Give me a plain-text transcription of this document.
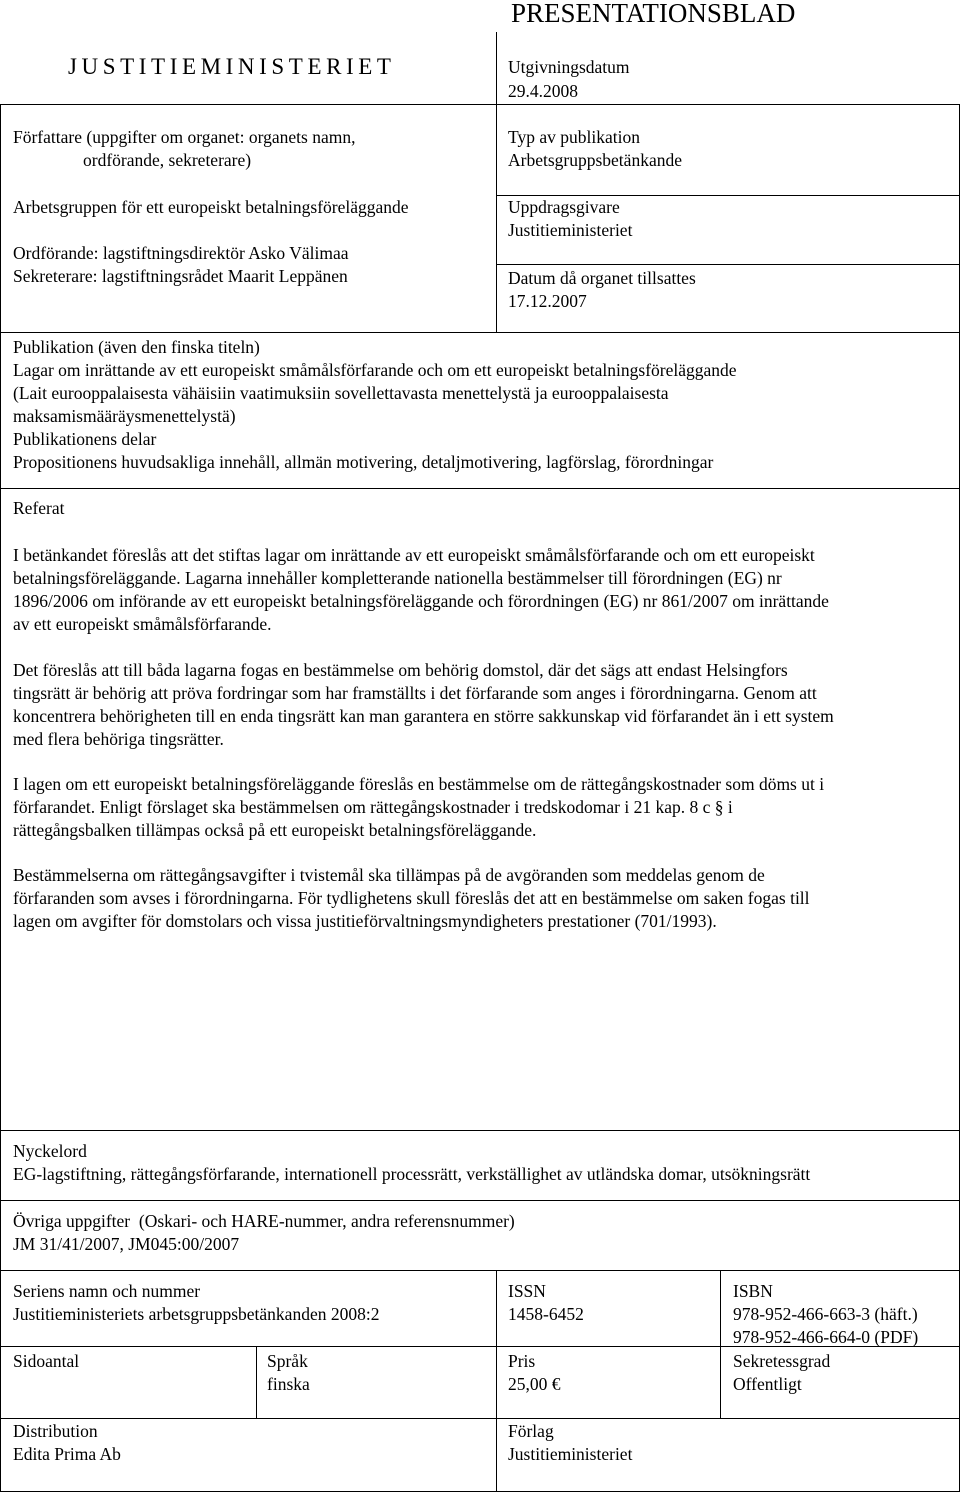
PRESENTATIONSBLAD
JUSTITIEMINISTERIET	Utgivningsdatum
29.4.2008
Författare (uppgifter om organet: organets namn,
ordförande, sekreterare)
Arbetsgruppen för ett europeiskt betalningsföreläggande
Ordförande: lagstiftningsdirektör Asko Välimaa
Sekreterare: lagstiftningsrådet Maarit Leppänen
Typ av publikation
Arbetsgruppsbetänkande
Uppdragsgivare
Justitieministeriet
Datum då organet tillsattes
17.12.2007
Publikation (även den finska titeln)
Lagar om inrättande av ett europeiskt småmålsförfarande och om ett europeiskt betalningsföreläggande
(Lait eurooppalaisesta vähäisiin vaatimuksiin sovellettavasta menettelystä ja eurooppalaisesta
maksamismääräysmenettelystä)
Publikationens delar
Propositionens huvudsakliga innehåll, allmän motivering, detaljmotivering, lagförslag, förordningar
Referat
I betänkandet föreslås att det stiftas lagar om inrättande av ett europeiskt småmålsförfarande och om ett europeiskt
betalningsföreläggande. Lagarna innehåller kompletterande nationella bestämmelser till förordningen (EG) nr
1896/2006 om införande av ett europeiskt betalningsföreläggande och förordningen (EG) nr 861/2007 om inrättande
av ett europeiskt småmålsförfarande.
Det föreslås att till båda lagarna fogas en bestämmelse om behörig domstol, där det sägs att endast Helsingfors
tingsrätt är behörig att pröva fordringar som har framställts i det förfarande som anges i förordningarna. Genom att
koncentrera behörigheten till en enda tingsrätt kan man garantera en större sakkunskap vid förfarandet än i ett system
med flera behöriga tingsrätter.
I lagen om ett europeiskt betalningsföreläggande föreslås en bestämmelse om de rättegångskostnader som döms ut i
förfarandet. Enligt förslaget ska bestämmelsen om rättegångskostnader i tredskodomar i 21 kap. 8 c § i
rättegångsbalken tillämpas också på ett europeiskt betalningsföreläggande.
Bestämmelserna om rättegångsavgifter i tvistemål ska tillämpas på de avgöranden som meddelas genom de
förfaranden som avses i förordningarna. För tydlighetens skull föreslås det att en bestämmelse om saken fogas till
lagen om avgifter för domstolars och vissa justitieförvaltningsmyndigheters prestationer (701/1993).
Nyckelord
EG-lagstiftning, rättegångsförfarande, internationell processrätt, verkställighet av utländska domar, utsökningsrätt
Övriga uppgifter  (Oskari- och HARE-nummer, andra referensnummer)
JM 31/41/2007, JM045:00/2007
Seriens namn och nummer
Justitieministeriets arbetsgruppsbetänkanden 2008:2
ISSN
1458-6452
ISBN
978-952-466-663-3 (häft.)
978-952-466-664-0 (PDF)
Sidoantal	Språk
finska
Pris
25,00 €
Sekretessgrad
Offentligt
Distribution
Edita Prima Ab
Förlag
Justitieministeriet
